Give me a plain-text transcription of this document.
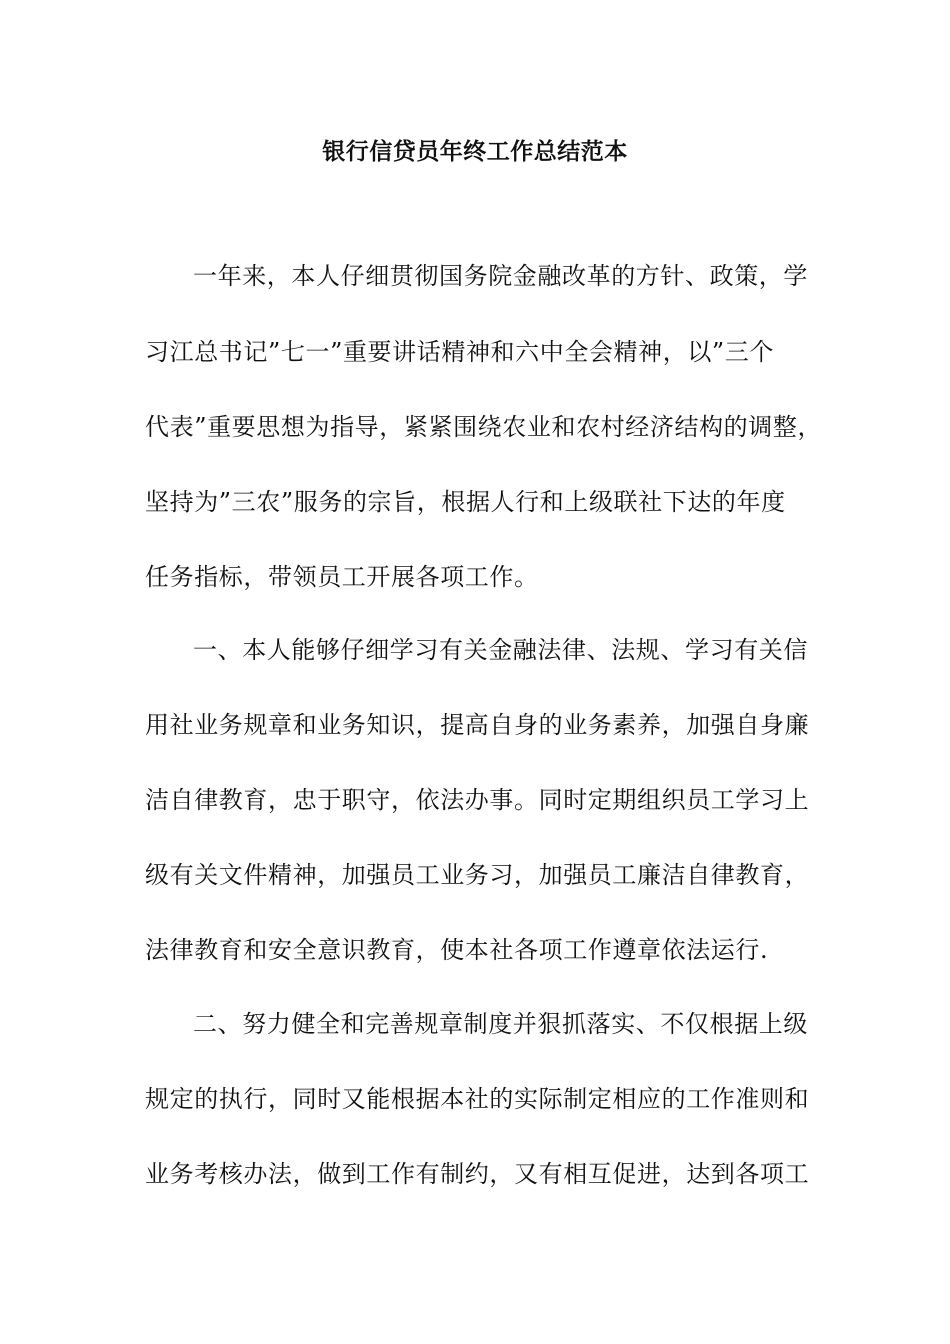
银行信贷员年终工作总结范本
一年来，本人仔细贯彻国务院金融改革的方针、政策，学
习江总书记”七一”重要讲话精神和六中全会精神，以”三个
代表”重要思想为指导，紧紧围绕农业和农村经济结构的调整，
坚持为”三农”服务的宗旨，根据人行和上级联社下达的年度
任务指标，带领员工开展各项工作。
一、本人能够仔细学习有关金融法律、法规、学习有关信
用社业务规章和业务知识，提高自身的业务素养，加强自身廉
洁自律教育，忠于职守，依法办事。同时定期组织员工学习上
级有关文件精神，加强员工业务习，加强员工廉洁自律教育，
法律教育和安全意识教育，使本社各项工作遵章依法运行.
二、努力健全和完善规章制度并狠抓落实、不仅根据上级
规定的执行，同时又能根据本社的实际制定相应的工作准则和
业务考核办法，做到工作有制约，又有相互促进，达到各项工
